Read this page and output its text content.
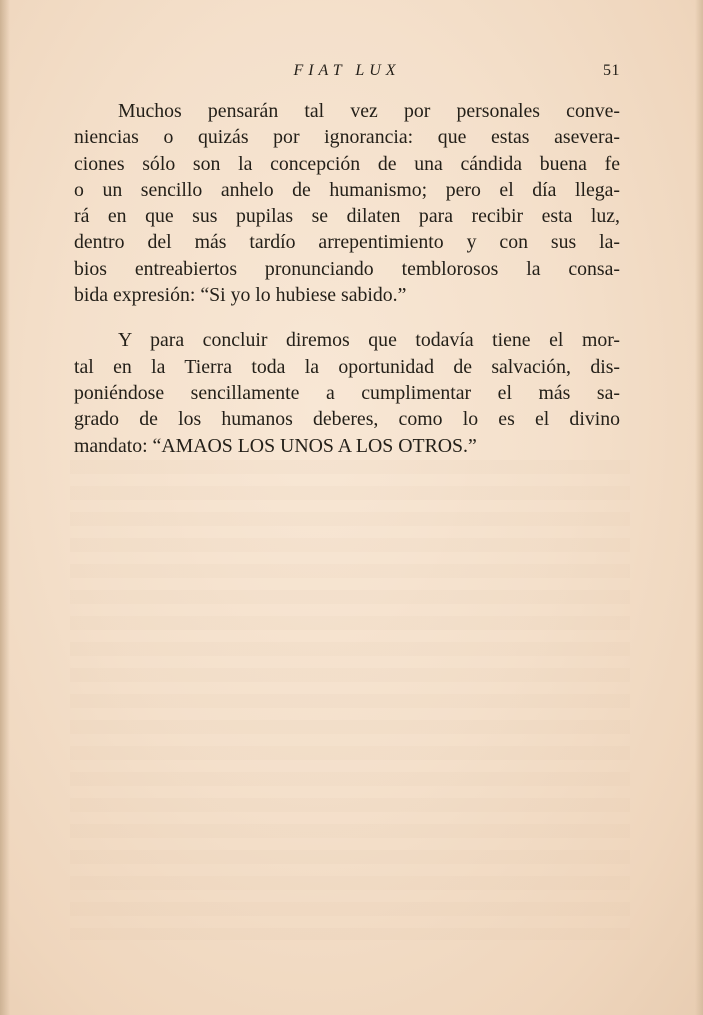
FIAT LUX	51
Muchos pensarán tal vez por personales conve-
niencias o quizás por ignorancia: que estas asevera-
ciones sólo son la concepción de una cándida buena fe
o un sencillo anhelo de humanismo; pero el día llega-
rá en que sus pupilas se dilaten para recibir esta luz,
dentro del más tardío arrepentimiento y con sus la-
bios entreabiertos pronunciando temblorosos la consa-
bida expresión: “Si yo lo hubiese sabido.”
Y para concluir diremos que todavía tiene el mor-
tal en la Tierra toda la oportunidad de salvación, dis-
poniéndose sencillamente a cumplimentar el más sa-
grado de los humanos deberes, como lo es el divino
mandato: “AMAOS LOS UNOS A LOS OTROS.”
